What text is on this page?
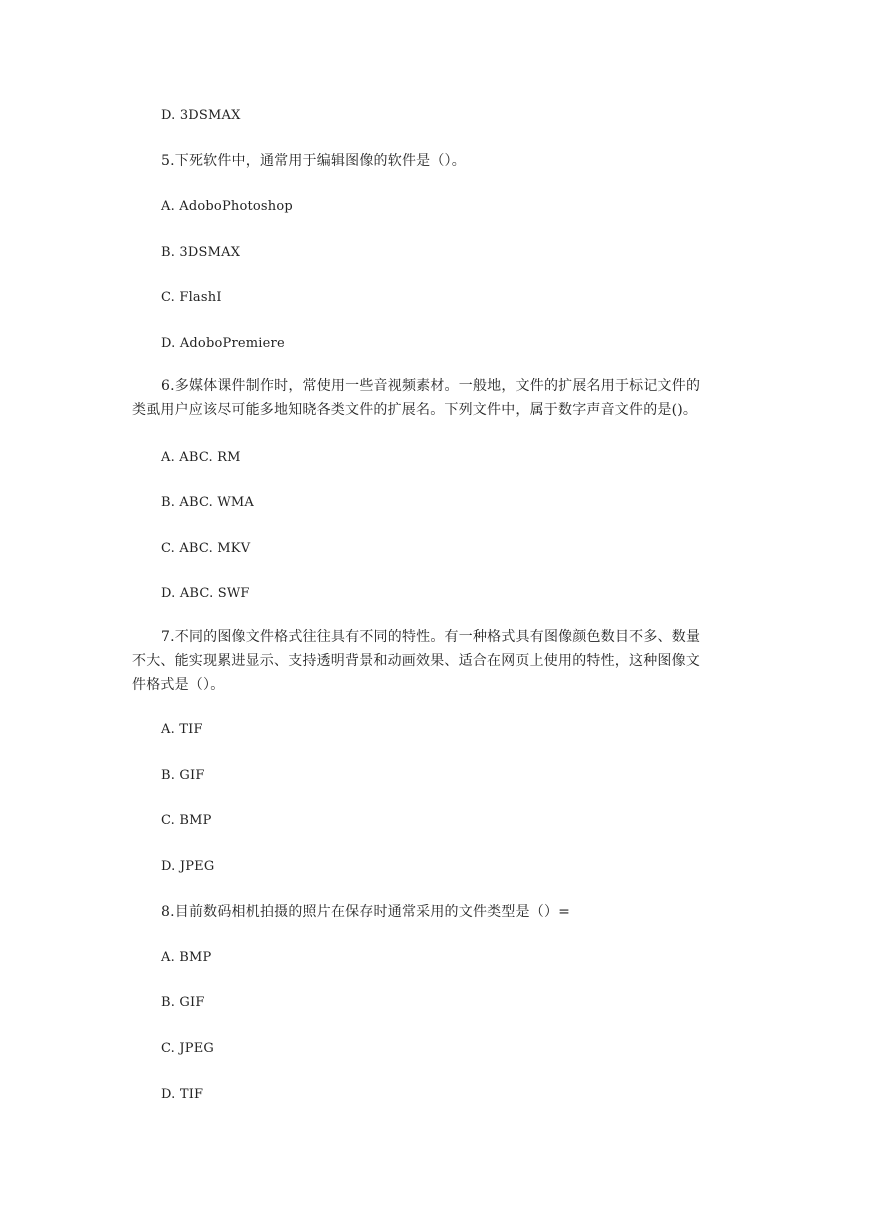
D. 3DSMAX
5.下死软件中，通常用于编辑图像的软件是（）。
A. AdoboPhotoshop
B. 3DSMAX
C. FlashI
D. AdoboPremiere
6.多媒体课件制作时，常使用一些音视频素材。一般地，文件的扩展名用于标记文件的
类虱用户应该尽可能多地知晓各类文件的扩展名。下列文件中，属于数字声音文件的是()。
A. ABC. RM
B. ABC. WMA
C. ABC. MKV
D. ABC. SWF
7.不同的图像文件格式往往具有不同的特性。有一种格式具有图像颜色数目不多、数量
不大、能实现累进显示、支持透明背景和动画效果、适合在网页上使用的特性，这种图像文
件格式是（）。
A. TIF
B. GIF
C. BMP
D. JPEG
8.目前数码相机拍摄的照片在保存时通常采用的文件类型是（）=
A. BMP
B. GIF
C. JPEG
D. TIF
